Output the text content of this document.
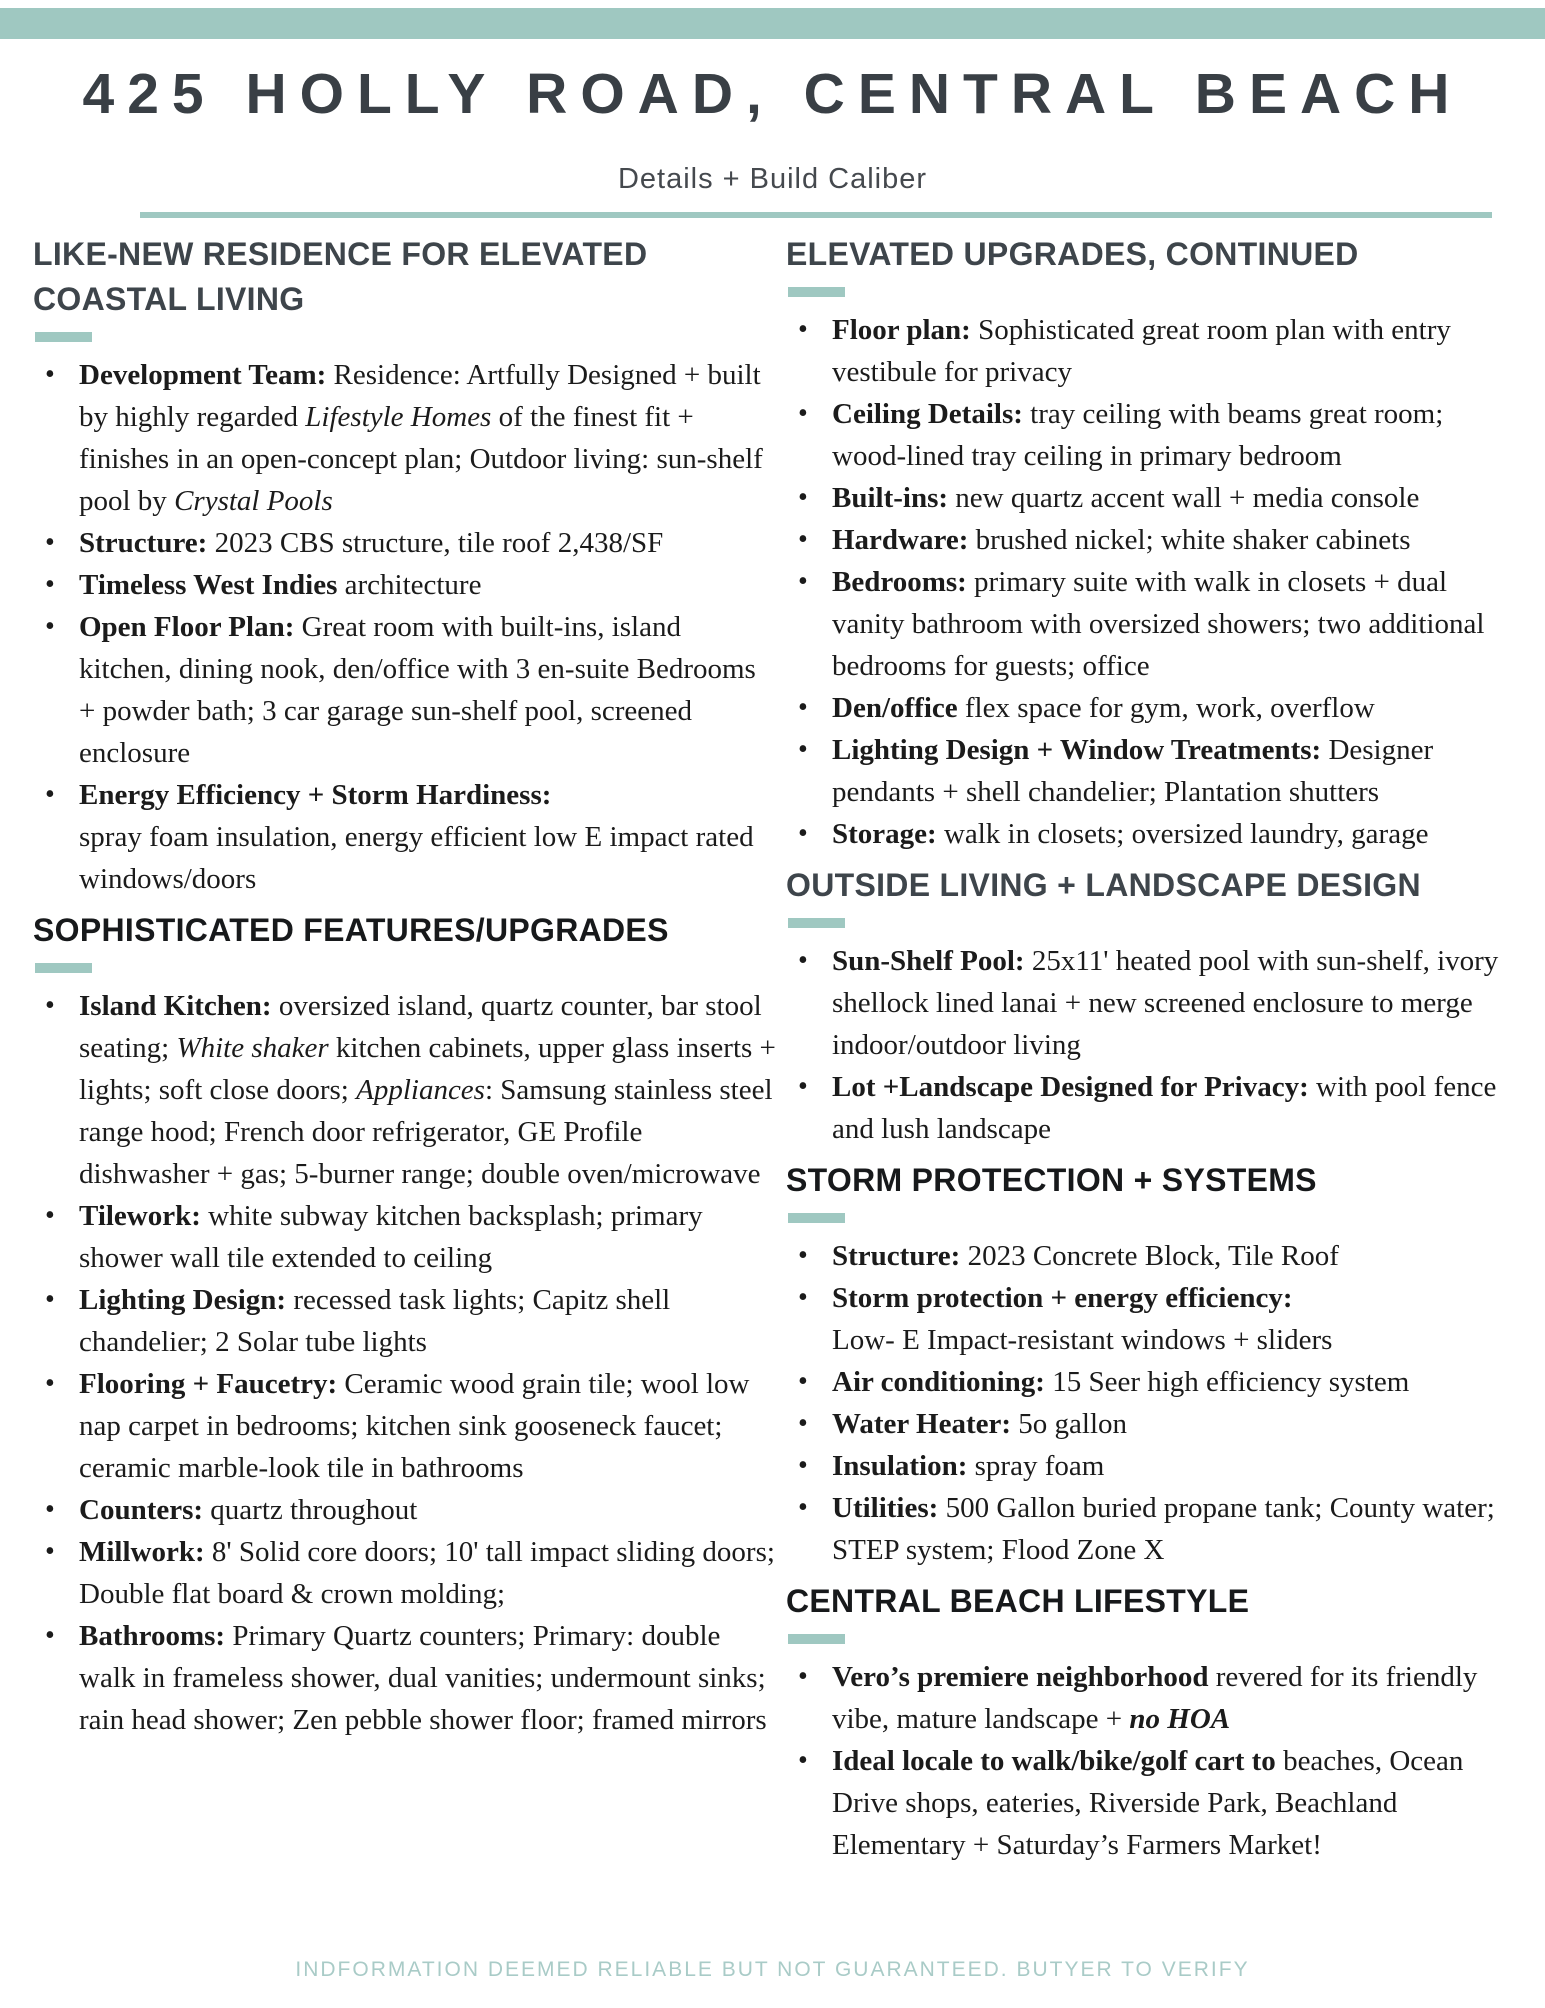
425 HOLLY ROAD, CENTRAL BEACH
Details + Build Caliber
LIKE-NEW RESIDENCE FOR ELEVATED COASTAL LIVING
• Development Team: Residence: Artfully Designed + built by highly regarded Lifestyle Homes of the finest fit + finishes in an open-concept plan; Outdoor living: sun-shelf pool by Crystal Pools
• Structure: 2023 CBS structure, tile roof 2,438/SF
• Timeless West Indies architecture
• Open Floor Plan: Great room with built-ins, island kitchen, dining nook, den/office with 3 en-suite Bedrooms + powder bath; 3 car garage sun-shelf pool, screened enclosure
• Energy Efficiency + Storm Hardiness:
spray foam insulation, energy efficient low E impact rated windows/doors
SOPHISTICATED FEATURES/UPGRADES
• Island Kitchen: oversized island, quartz counter, bar stool seating; White shaker kitchen cabinets, upper glass inserts + lights; soft close doors; Appliances: Samsung stainless steel range hood; French door refrigerator, GE Profile dishwasher + gas; 5-burner range; double oven/microwave
• Tilework: white subway kitchen backsplash; primary shower wall tile extended to ceiling
• Lighting Design: recessed task lights; Capitz shell chandelier; 2 Solar tube lights
• Flooring + Faucetry: Ceramic wood grain tile; wool low nap carpet in bedrooms; kitchen sink gooseneck faucet; ceramic marble-look tile in bathrooms
• Counters: quartz throughout
• Millwork: 8' Solid core doors; 10' tall impact sliding doors; Double flat board & crown molding;
• Bathrooms: Primary Quartz counters; Primary: double walk in frameless shower, dual vanities; undermount sinks; rain head shower; Zen pebble shower floor; framed mirrors
ELEVATED UPGRADES, CONTINUED
• Floor plan: Sophisticated great room plan with entry vestibule for privacy
• Ceiling Details: tray ceiling with beams great room; wood-lined tray ceiling in primary bedroom
• Built-ins: new quartz accent wall + media console
• Hardware: brushed nickel; white shaker cabinets
• Bedrooms: primary suite with walk in closets + dual vanity bathroom with oversized showers; two additional bedrooms for guests; office
• Den/office flex space for gym, work, overflow
• Lighting Design + Window Treatments: Designer pendants + shell chandelier; Plantation shutters
• Storage: walk in closets; oversized laundry, garage
OUTSIDE LIVING + LANDSCAPE DESIGN
• Sun-Shelf Pool: 25x11' heated pool with sun-shelf, ivory shellock lined lanai + new screened enclosure to merge indoor/outdoor living
• Lot +Landscape Designed for Privacy: with pool fence and lush landscape
STORM PROTECTION + SYSTEMS
• Structure: 2023 Concrete Block, Tile Roof
• Storm protection + energy efficiency:
Low- E Impact-resistant windows + sliders
• Air conditioning: 15 Seer high efficiency system
• Water Heater: 5o gallon
• Insulation: spray foam
• Utilities: 500 Gallon buried propane tank; County water; STEP system; Flood Zone X
CENTRAL BEACH LIFESTYLE
• Vero’s premiere neighborhood revered for its friendly vibe, mature landscape + no HOA
• Ideal locale to walk/bike/golf cart to beaches, Ocean Drive shops, eateries, Riverside Park, Beachland Elementary + Saturday’s Farmers Market!
INDFORMATION DEEMED RELIABLE BUT NOT GUARANTEED. BUTYER TO VERIFY
